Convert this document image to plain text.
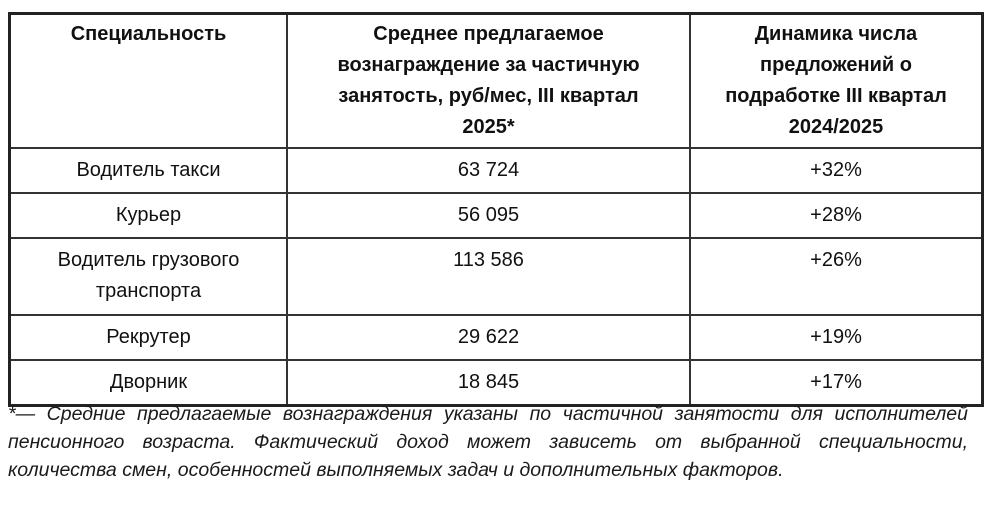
Специальность	Среднее предлагаемое вознаграждение за частичную занятость, руб/мес, III квартал 2025*	Динамика числа предложений о подработке III квартал 2024/2025
Водитель такси	63 724	+32%
Курьер	56 095	+28%
Водитель грузового транспорта	113 586	+26%
Рекрутер	29 622	+19%
Дворник	18 845	+17%
*— Средние предлагаемые вознаграждения указаны по частичной занятости для исполнителей пенсионного возраста. Фактический доход может зависеть от выбранной специальности, количества смен, особенностей выполняемых задач и дополнительных факторов.
